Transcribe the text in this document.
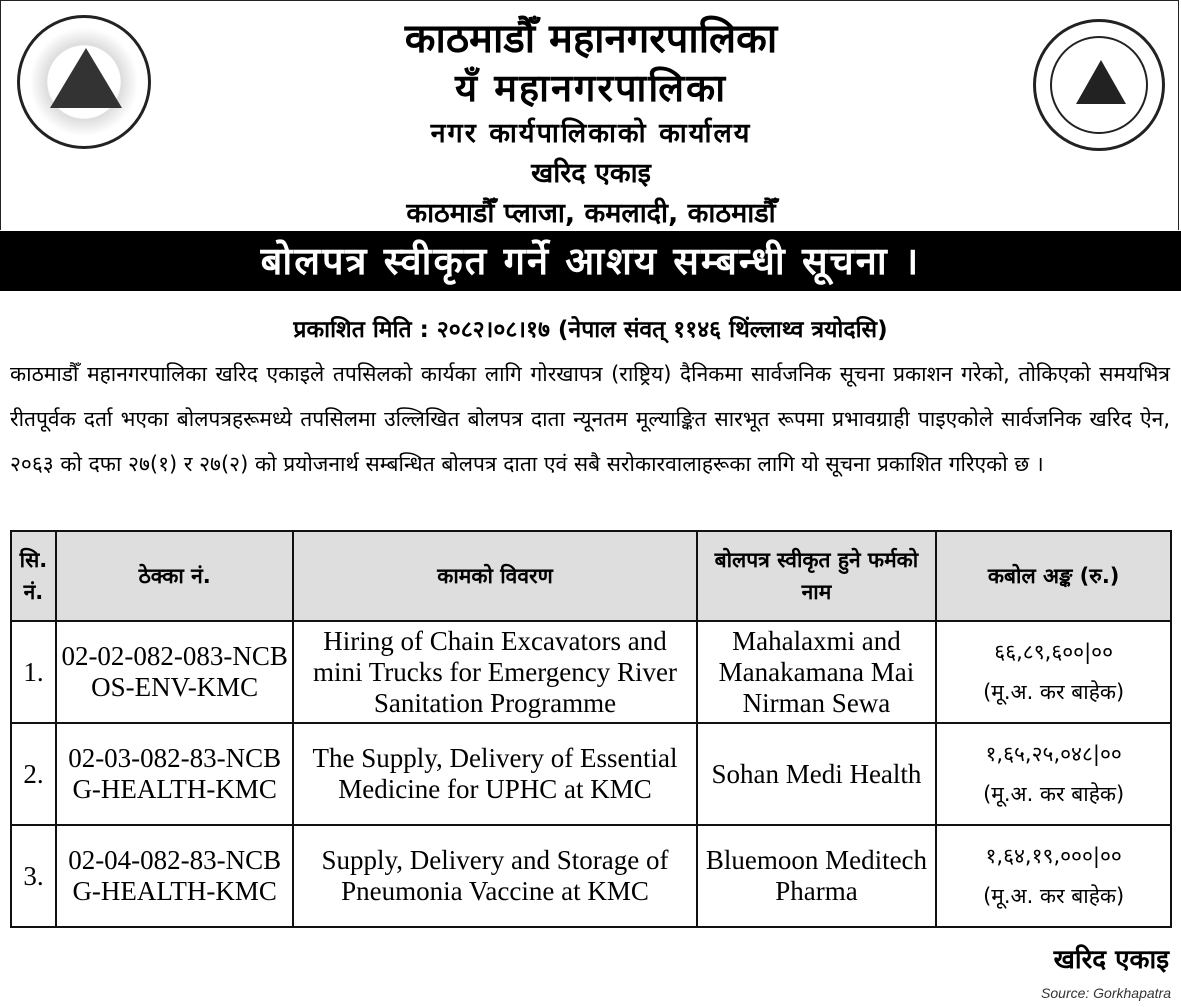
काठमाडौँ महानगरपालिका
यँ महानगरपालिका
नगर कार्यपालिकाको कार्यालय
खरिद एकाइ
काठमाडौँ प्लाजा, कमलादी, काठमाडौँ
बोलपत्र स्वीकृत गर्ने आशय सम्बन्धी सूचना ।
प्रकाशित मिति : २०८२।०८।१७ (नेपाल संवत् ११४६ थिंल्लाथ्व त्रयोदसि)
काठमाडौँ महानगरपालिका खरिद एकाइले तपसिलको कार्यका लागि गोरखापत्र (राष्ट्रिय) दैनिकमा सार्वजनिक सूचना प्रकाशन गरेको, तोकिएको समयभित्र रीतपूर्वक दर्ता भएका बोलपत्रहरूमध्ये तपसिलमा उल्लिखित बोलपत्र दाता न्यूनतम मूल्याङ्कित सारभूत रूपमा प्रभावग्राही पाइएकोले सार्वजनिक खरिद ऐन, २०६३ को दफा २७(१) र २७(२) को प्रयोजनार्थ सम्बन्धित बोलपत्र दाता एवं सबै सरोकारवालाहरूका लागि यो सूचना प्रकाशित गरिएको छ ।
सि. नं.	ठेक्का नं.	कामको विवरण	बोलपत्र स्वीकृत हुने फर्मको नाम	कबोल अङ्क (रु.)
1.	02-02-082-083-NCBOS-ENV-KMC	Hiring of Chain Excavators and mini Trucks for Emergency River Sanitation Programme	Mahalaxmi and Manakamana Mai Nirman Sewa	६६,८९,६००|००
(मू.अ. कर बाहेक)

2.	02-03-082-83-NCBG-HEALTH-KMC	The Supply, Delivery of Essential Medicine for UPHC at KMC	Sohan Medi Health	१,६५,२५,०४८|००
(मू.अ. कर बाहेक)

3.	02-04-082-83-NCBG-HEALTH-KMC	Supply, Delivery and Storage of Pneumonia Vaccine at KMC	Bluemoon Meditech Pharma	१,६४,१९,०००|००
(मू.अ. कर बाहेक)
खरिद एकाइ
Source: Gorkhapatra
